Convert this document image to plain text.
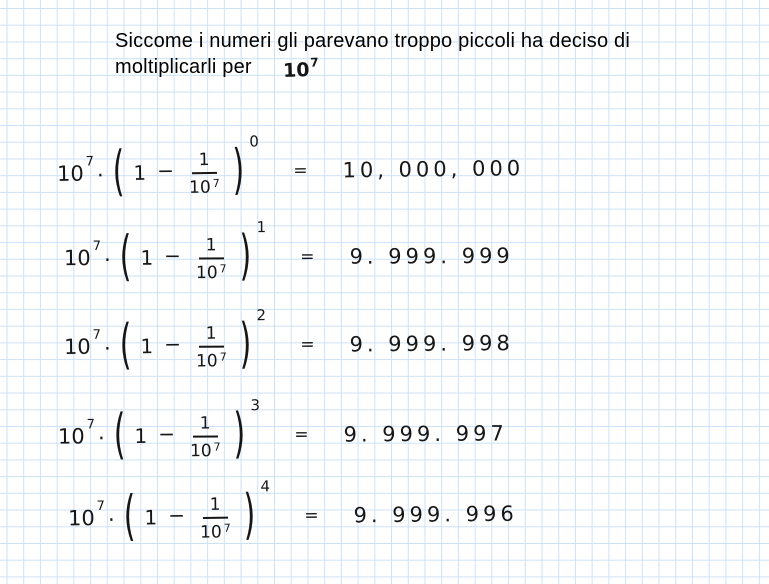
Siccome i numeri gli parevano troppo piccoli ha deciso di
moltiplicarli per	$10^7$
$10^7$
· ( $1 - \frac{1}{10 ^7}$ ) 0
= 10, 000, 000
$10^7$
· ( $1 - \frac{1}{10 ^7}$ ) 1
= 9. 999. 999
$10^7$
· ( $1 - \frac{1}{10 ^7}$ ) 2
= 9. 999. 998
$10^7$
· ( $1 - \frac{1}{10 ^7}$ ) 3
= 9. 999. 997
$10^7$
· ( $1 - \frac{1}{10 ^7}$ ) 4
= 9. 999. 996
